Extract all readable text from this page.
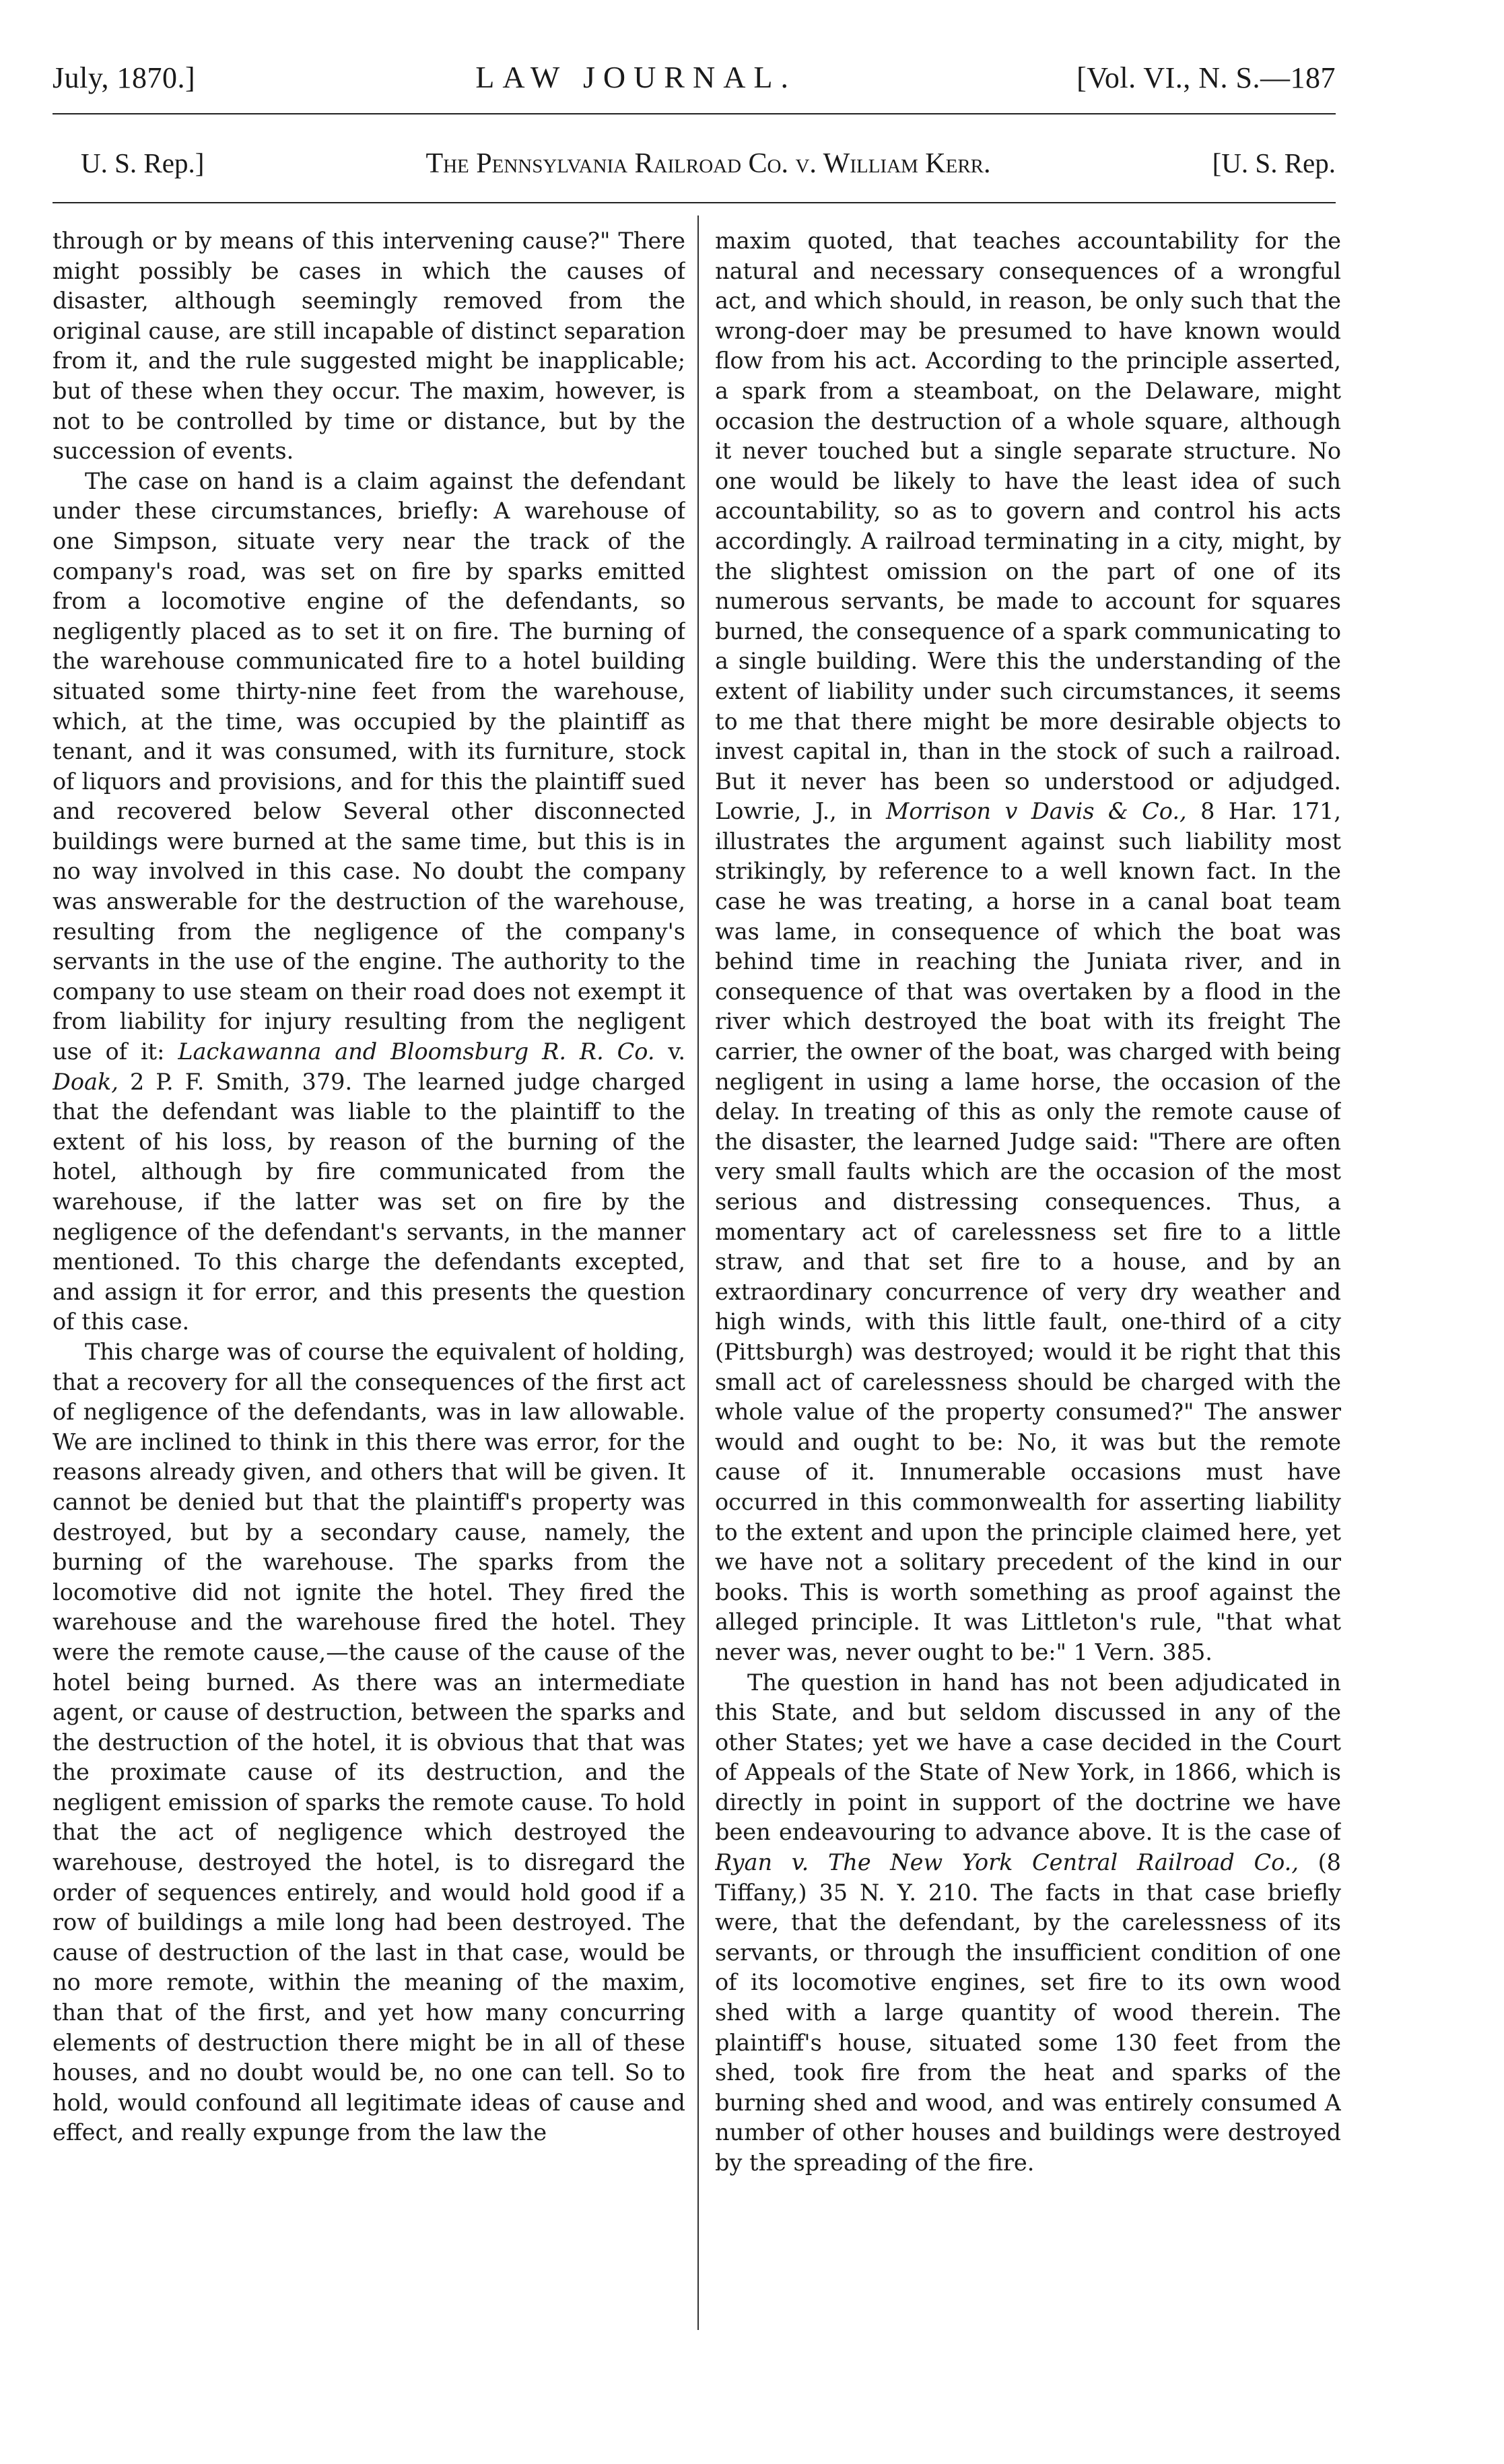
July, 1870.]	LAW JOURNAL.	[Vol. VI., N. S.—187
U. S. Rep.]	The Pennsylvania Railroad Co. v. William Kerr.	[U. S. Rep.

through or by means of this intervening cause?" There might possibly be cases in which the causes of disaster, although seemingly removed from the original cause, are still incapable of distinct separation from it, and the rule suggested might be inapplicable; but of these when they occur. The maxim, however, is not to be controlled by time or distance, but by the succession of events.

The case on hand is a claim against the defendant under these circumstances, briefly: A warehouse of one Simpson, situate very near the track of the company's road, was set on fire by sparks emitted from a locomotive engine of the defendants, so negligently placed as to set it on fire. The burning of the warehouse communicated fire to a hotel building situated some thirty-nine feet from the warehouse, which, at the time, was occupied by the plaintiff as tenant, and it was consumed, with its furniture, stock of liquors and provisions, and for this the plaintiff sued and recovered below Several other disconnected buildings were burned at the same time, but this is in no way involved in this case. No doubt the company was answerable for the destruction of the warehouse, resulting from the negligence of the company's servants in the use of the engine. The authority to the company to use steam on their road does not exempt it from liability for injury resulting from the negligent use of it: Lackawanna and Bloomsburg R. R. Co. v. Doak, 2 P. F. Smith, 379. The learned judge charged that the defendant was liable to the plaintiff to the extent of his loss, by reason of the burning of the hotel, although by fire communicated from the warehouse, if the latter was set on fire by the negligence of the defendant's servants, in the manner mentioned. To this charge the defendants excepted, and assign it for error, and this presents the question of this case.

This charge was of course the equivalent of holding, that a recovery for all the consequences of the first act of negligence of the defendants, was in law allowable. We are inclined to think in this there was error, for the reasons already given, and others that will be given. It cannot be denied but that the plaintiff's property was destroyed, but by a secondary cause, namely, the burning of the warehouse. The sparks from the locomotive did not ignite the hotel. They fired the warehouse and the warehouse fired the hotel. They were the remote cause,—the cause of the cause of the hotel being burned. As there was an intermediate agent, or cause of destruction, between the sparks and the destruction of the hotel, it is obvious that that was the proximate cause of its destruction, and the negligent emission of sparks the remote cause. To hold that the act of negligence which destroyed the warehouse, destroyed the hotel, is to disregard the order of sequences entirely, and would hold good if a row of buildings a mile long had been destroyed. The cause of destruction of the last in that case, would be no more remote, within the meaning of the maxim, than that of the first, and yet how many concurring elements of destruction there might be in all of these houses, and no doubt would be, no one can tell. So to hold, would confound all legitimate ideas of cause and effect, and really expunge from the law the

maxim quoted, that teaches accountability for the natural and necessary consequences of a wrongful act, and which should, in reason, be only such that the wrong-doer may be presumed to have known would flow from his act. According to the principle asserted, a spark from a steamboat, on the Delaware, might occasion the destruction of a whole square, although it never touched but a single separate structure. No one would be likely to have the least idea of such accountability, so as to govern and control his acts accordingly. A railroad terminating in a city, might, by the slightest omission on the part of one of its numerous servants, be made to account for squares burned, the consequence of a spark communicating to a single building. Were this the understanding of the extent of liability under such circumstances, it seems to me that there might be more desirable objects to invest capital in, than in the stock of such a railroad. But it never has been so understood or adjudged. Lowrie, J., in Morrison v Davis & Co., 8 Har. 171, illustrates the argument against such liability most strikingly, by reference to a well known fact. In the case he was treating, a horse in a canal boat team was lame, in consequence of which the boat was behind time in reaching the Juniata river, and in consequence of that was overtaken by a flood in the river which destroyed the boat with its freight The carrier, the owner of the boat, was charged with being negligent in using a lame horse, the occasion of the delay. In treating of this as only the remote cause of the disaster, the learned Judge said: "There are often very small faults which are the occasion of the most serious and distressing consequences. Thus, a momentary act of carelessness set fire to a little straw, and that set fire to a house, and by an extraordinary concurrence of very dry weather and high winds, with this little fault, one-third of a city (Pittsburgh) was destroyed; would it be right that this small act of carelessness should be charged with the whole value of the property consumed?" The answer would and ought to be: No, it was but the remote cause of it. Innumerable occasions must have occurred in this commonwealth for asserting liability to the extent and upon the principle claimed here, yet we have not a solitary precedent of the kind in our books. This is worth something as proof against the alleged principle. It was Littleton's rule, "that what never was, never ought to be:" 1 Vern. 385.

The question in hand has not been adjudicated in this State, and but seldom discussed in any of the other States; yet we have a case decided in the Court of Appeals of the State of New York, in 1866, which is directly in point in support of the doctrine we have been endeavouring to advance above. It is the case of Ryan v. The New York Central Railroad Co., (8 Tiffany,) 35 N. Y. 210. The facts in that case briefly were, that the defendant, by the carelessness of its servants, or through the insufficient condition of one of its locomotive engines, set fire to its own wood shed with a large quantity of wood therein. The plaintiff's house, situated some 130 feet from the shed, took fire from the heat and sparks of the burning shed and wood, and was entirely consumed A number of other houses and buildings were destroyed by the spreading of the fire.
